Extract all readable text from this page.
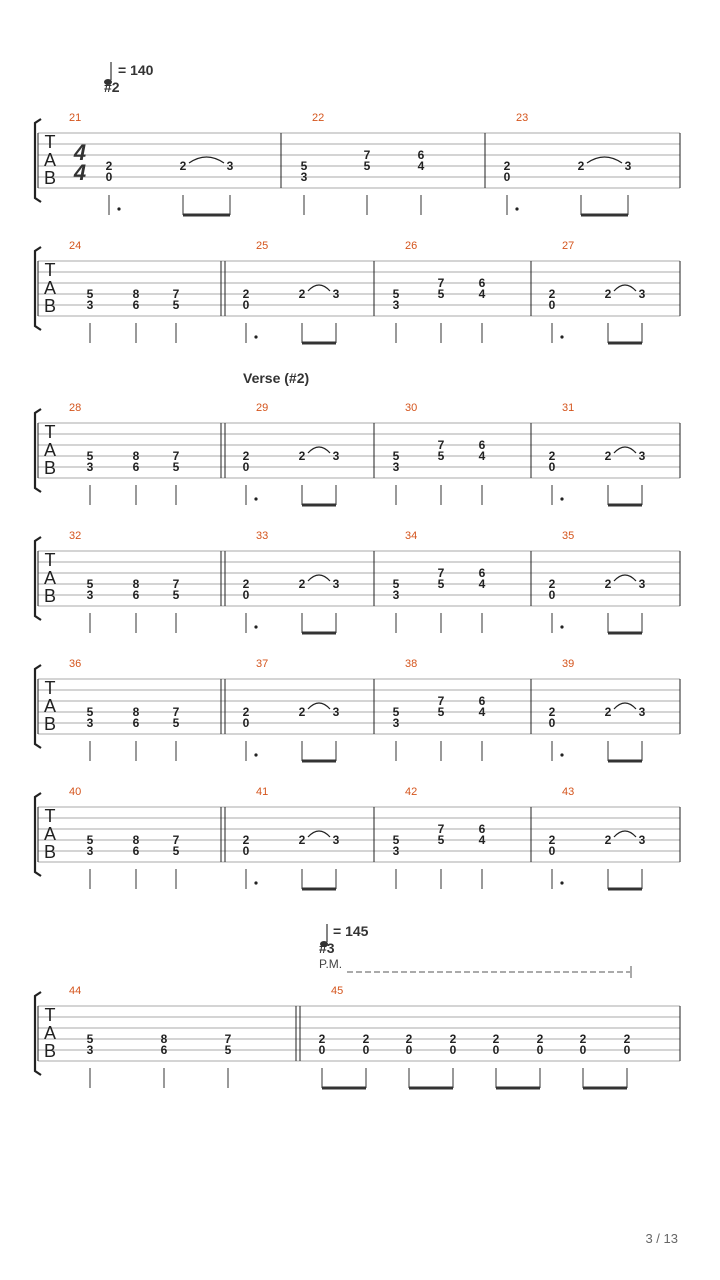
= 140
#2
Verse (#2)
= 145
#3
P.M.
T
A
B
4
4
21
2
0
2	3
22
5
3
7
5
6
4
23
2
0
2	3
T
A
B
24
5
3
8
6
7
5
25
2
0
2 3
26
5
3
7
5
6
4
27
2
0
2 3
T
A
B
28
5
3
8
6
7
5
29
2
0
2 3
30
5
3
7
5
6
4
31
2
0
2 3
T
A
B
32
5
3
8
6
7
5
33
2
0
2 3
34
5
3
7
5
6
4
35
2
0
2 3
T
A
B
36
5
3
8
6
7
5
37
2
0
2 3
38
5
3
7
5
6
4
39
2
0
2 3
T
A
B
40
5
3
8
6
7
5
41
2
0
2 3
42
5
3
7
5
6
4
43
2
0
2 3
T
A
B
44
5
3
8
6
7
5
45
2
0
2
0
2
0
2
0
2
0
2
0
2
0
2
0
3 / 13
